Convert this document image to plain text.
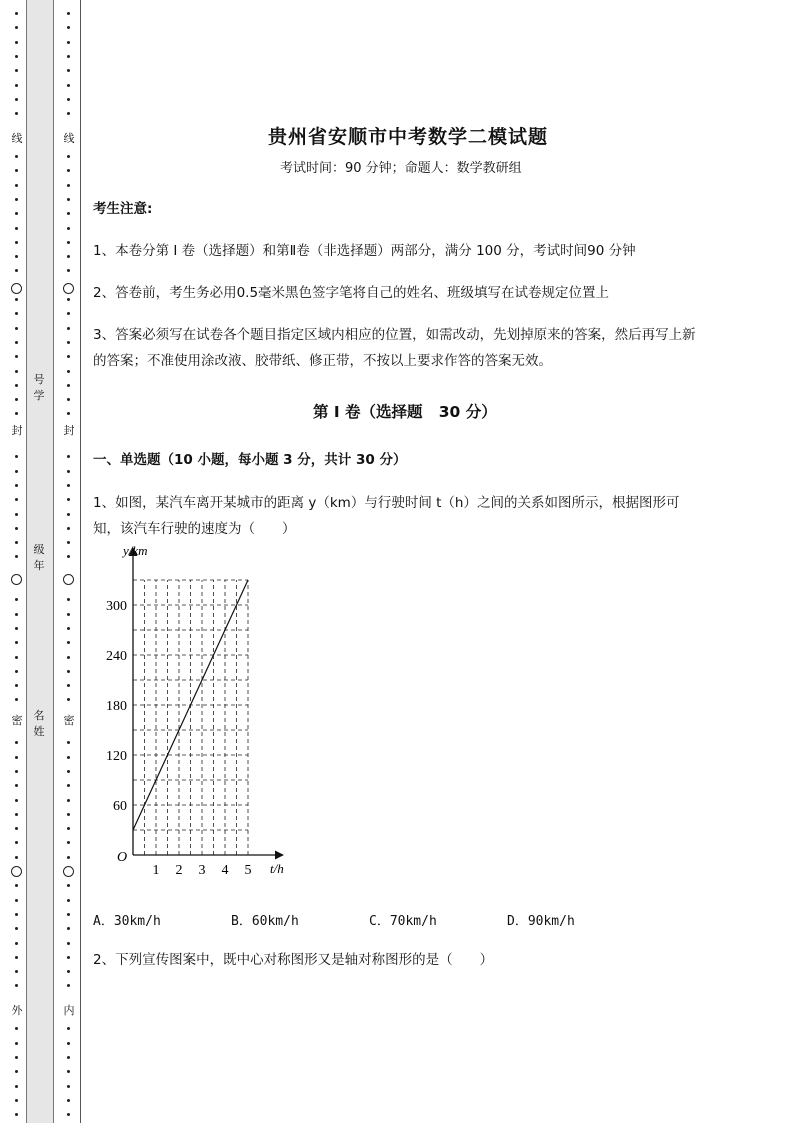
线
封
密
外
线
封
密
内
号
学
级
年
名
姓
贵州省安顺市中考数学二模试题
考试时间：90 分钟；命题人：数学教研组
考生注意:
1、本卷分第 I 卷（选择题）和第Ⅱ卷（非选择题）两部分，满分 100 分，考试时间90 分钟
2、答卷前，考生务必用0.5毫米黑色签字笔将自己的姓名、班级填写在试卷规定位置上
3、答案必须写在试卷各个题目指定区域内相应的位置，如需改动，先划掉原来的答案，然后再写上新
的答案；不准使用涂改液、胶带纸、修正带，不按以上要求作答的答案无效。
第 I 卷（选择题   30 分）
一、单选题（10 小题，每小题 3 分，共计 30 分）
1、如图，某汽车离开某城市的距离 y（km）与行驶时间 t（h）之间的关系如图所示，根据图形可
知，该汽车行驶的速度为（　　）
1 2 3 4 5
60
120
180
240
300
O
y/km
t/h
A．30km/h	B．60km/h	C．70km/h	D．90km/h
2、下列宣传图案中，既中心对称图形又是轴对称图形的是（　　）
